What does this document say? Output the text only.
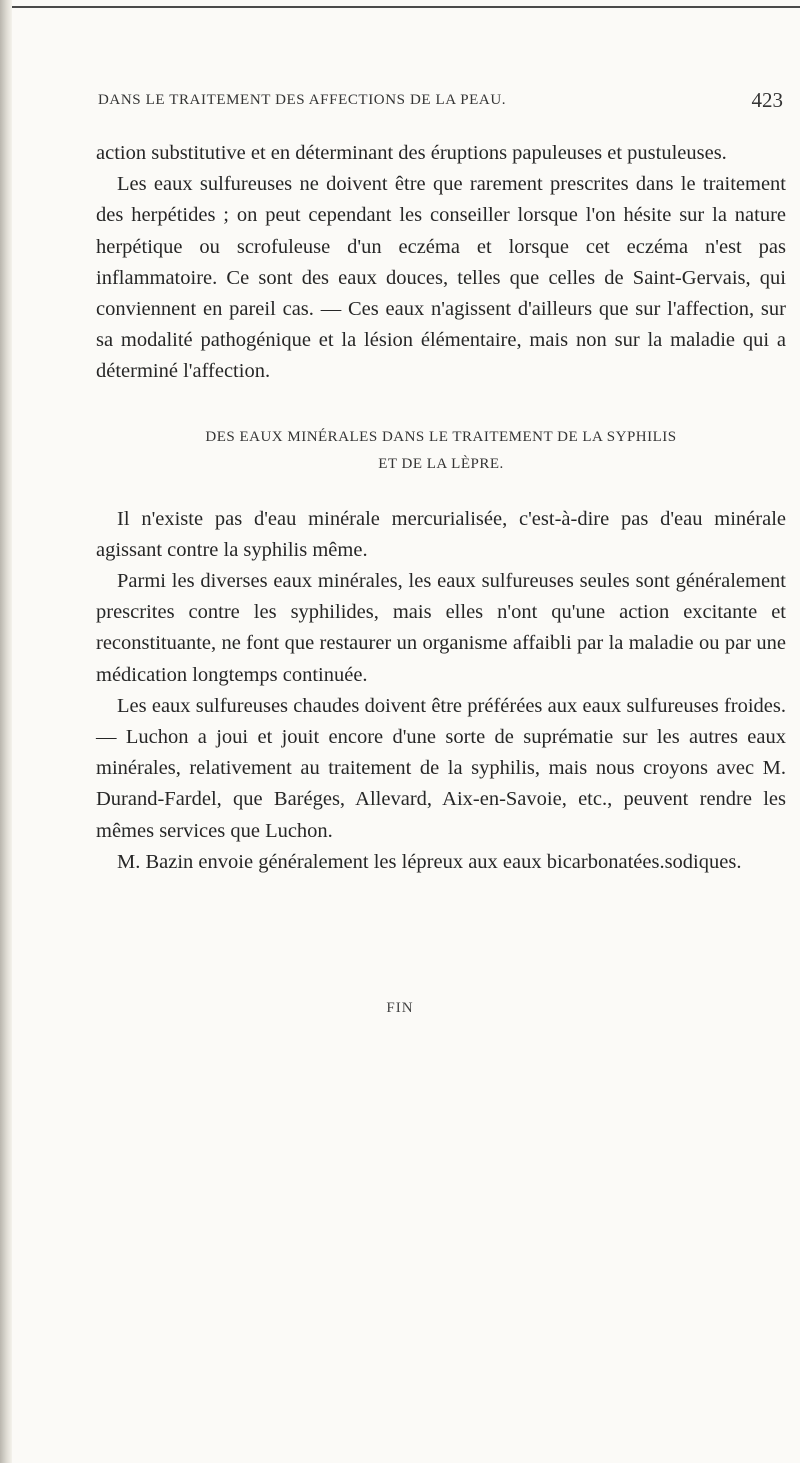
DANS LE TRAITEMENT DES AFFECTIONS DE LA PEAU.	423

action substitutive et en déterminant des éruptions papuleuses et pustuleuses.

Les eaux sulfureuses ne doivent être que rarement prescrites dans le traitement des herpétides ; on peut cependant les conseiller lorsque l'on hésite sur la nature herpétique ou scrofuleuse d'un eczéma et lorsque cet eczéma n'est pas inflammatoire. Ce sont des eaux douces, telles que celles de Saint-Gervais, qui conviennent en pareil cas. — Ces eaux n'agissent d'ailleurs que sur l'affection, sur sa modalité pathogénique et la lésion élémentaire, mais non sur la maladie qui a déterminé l'affection.

DES EAUX MINÉRALES DANS LE TRAITEMENT DE LA SYPHILIS
ET DE LA LÈPRE.

Il n'existe pas d'eau minérale mercurialisée, c'est-à-dire pas d'eau minérale agissant contre la syphilis même.

Parmi les diverses eaux minérales, les eaux sulfureuses seules sont généralement prescrites contre les syphilides, mais elles n'ont qu'une action excitante et reconstituante, ne font que restaurer un organisme affaibli par la maladie ou par une médication longtemps continuée.

Les eaux sulfureuses chaudes doivent être préférées aux eaux sulfureuses froides. — Luchon a joui et jouit encore d'une sorte de suprématie sur les autres eaux minérales, relativement au traitement de la syphilis, mais nous croyons avec M. Durand-Fardel, que Baréges, Allevard, Aix-en-Savoie, etc., peuvent rendre les mêmes services que Luchon.

M. Bazin envoie généralement les lépreux aux eaux bicarbonatées.sodiques.

FIN
